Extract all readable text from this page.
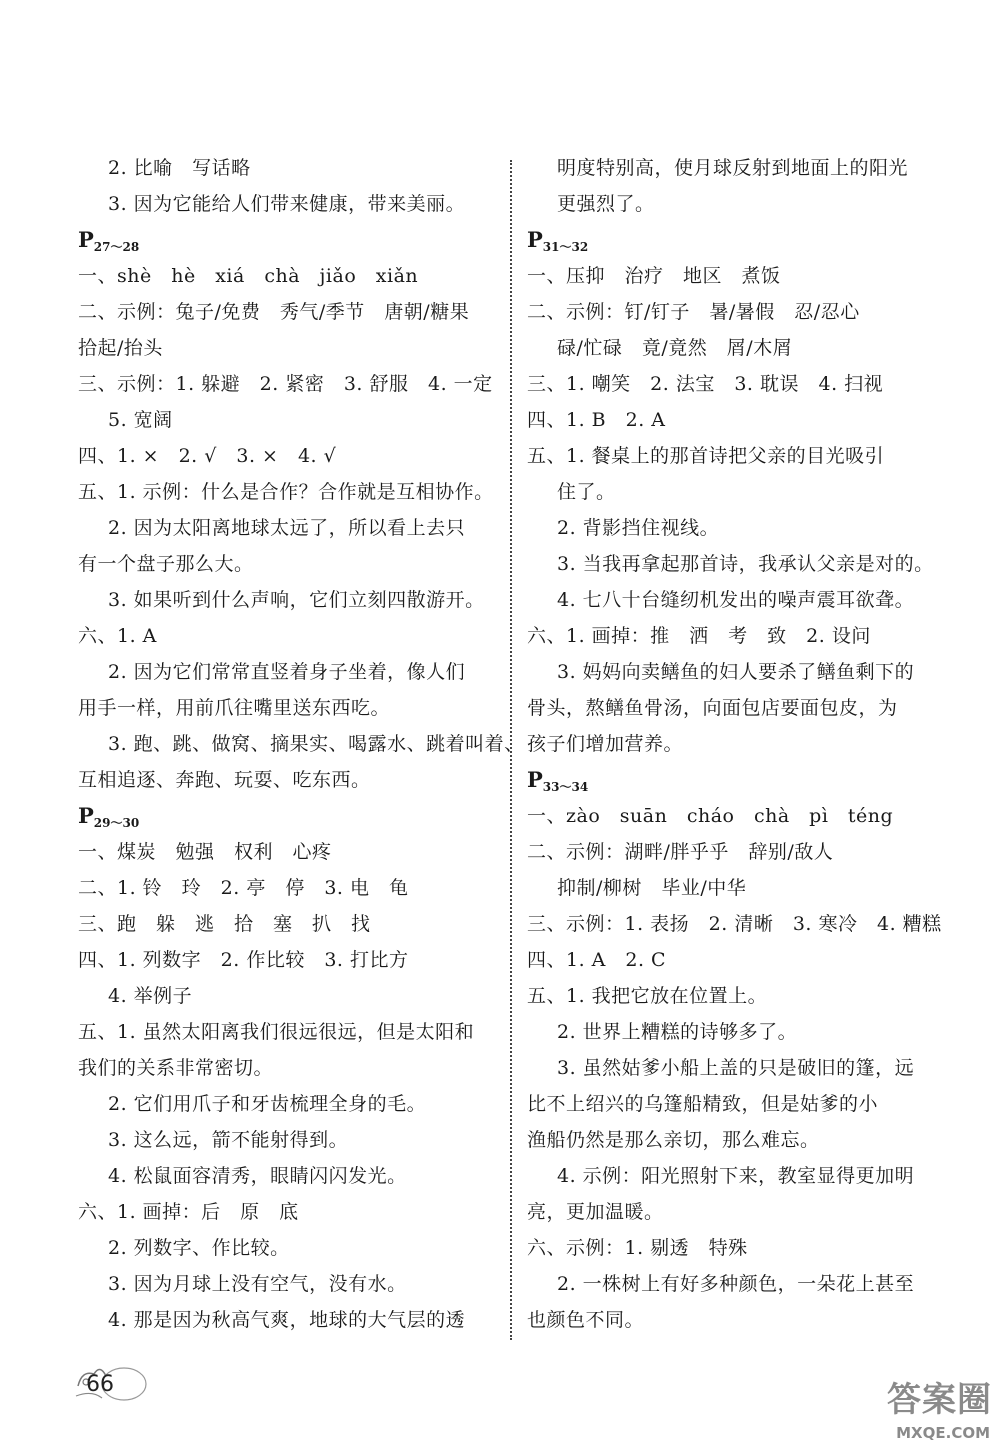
2. 比喻　写话略
3. 因为它能给人们带来健康，带来美丽。
$P_{27\sim 28}$
一、shè　hè　xiá　chà　jiǎo　xiǎn
二、示例：兔子/免费　秀气/季节　唐朝/糖果
拾起/抬头
三、示例：1. 躲避　2. 紧密　3. 舒服　4. 一定
5. 宽阔
四、1. ×　2. √　3. ×　4. √
五、1. 示例：什么是合作？合作就是互相协作。
2. 因为太阳离地球太远了，所以看上去只
有一个盘子那么大。
3. 如果听到什么声响，它们立刻四散游开。
六、1. A
2. 因为它们常常直竖着身子坐着，像人们
用手一样，用前爪往嘴里送东西吃。
3. 跑、跳、做窝、摘果实、喝露水、跳着叫着、
互相追逐、奔跑、玩耍、吃东西。
$P_{29\sim 30}$
一、煤炭　勉强　权利　心疼
二、1. 铃　玲　2. 亭　停　3. 电　龟
三、跑　躲　逃　拾　塞　扒　找
四、1. 列数字　2. 作比较　3. 打比方
4. 举例子
五、1. 虽然太阳离我们很远很远，但是太阳和
我们的关系非常密切。
2. 它们用爪子和牙齿梳理全身的毛。
3. 这么远，箭不能射得到。
4. 松鼠面容清秀，眼睛闪闪发光。
六、1. 画掉：后　原　底
2. 列数字、作比较。
3. 因为月球上没有空气，没有水。
4. 那是因为秋高气爽，地球的大气层的透
明度特别高，使月球反射到地面上的阳光
更强烈了。
$P_{31\sim 32}$
一、压抑　治疗　地区　煮饭
二、示例：钉/钉子　暑/暑假　忍/忍心
碌/忙碌　竟/竟然　屑/木屑
三、1. 嘲笑　2. 法宝　3. 耽误　4. 扫视
四、1. B　2. A
五、1. 餐桌上的那首诗把父亲的目光吸引
住了。
2. 背影挡住视线。
3. 当我再拿起那首诗，我承认父亲是对的。
4. 七八十台缝纫机发出的噪声震耳欲聋。
六、1. 画掉：推　洒　考　致　2. 设问
3. 妈妈向卖鳝鱼的妇人要杀了鳝鱼剩下的
骨头，熬鳝鱼骨汤，向面包店要面包皮，为
孩子们增加营养。
$P_{33\sim 34}$
一、zào　suān　cháo　chà　pì　téng
二、示例：湖畔/胖乎乎　辞别/敌人
抑制/柳树　毕业/中华
三、示例：1. 表扬　2. 清晰　3. 寒冷　4. 糟糕
四、1. A　2. C
五、1. 我把它放在位置上。
2. 世界上糟糕的诗够多了。
3. 虽然姑爹小船上盖的只是破旧的篷，远
比不上绍兴的乌篷船精致，但是姑爹的小
渔船仍然是那么亲切，那么难忘。
4. 示例：阳光照射下来，教室显得更加明
亮，更加温暖。
六、示例：1. 剔透　特殊
2. 一株树上有好多种颜色，一朵花上甚至
也颜色不同。
66	答案圈
MXQE.COM
